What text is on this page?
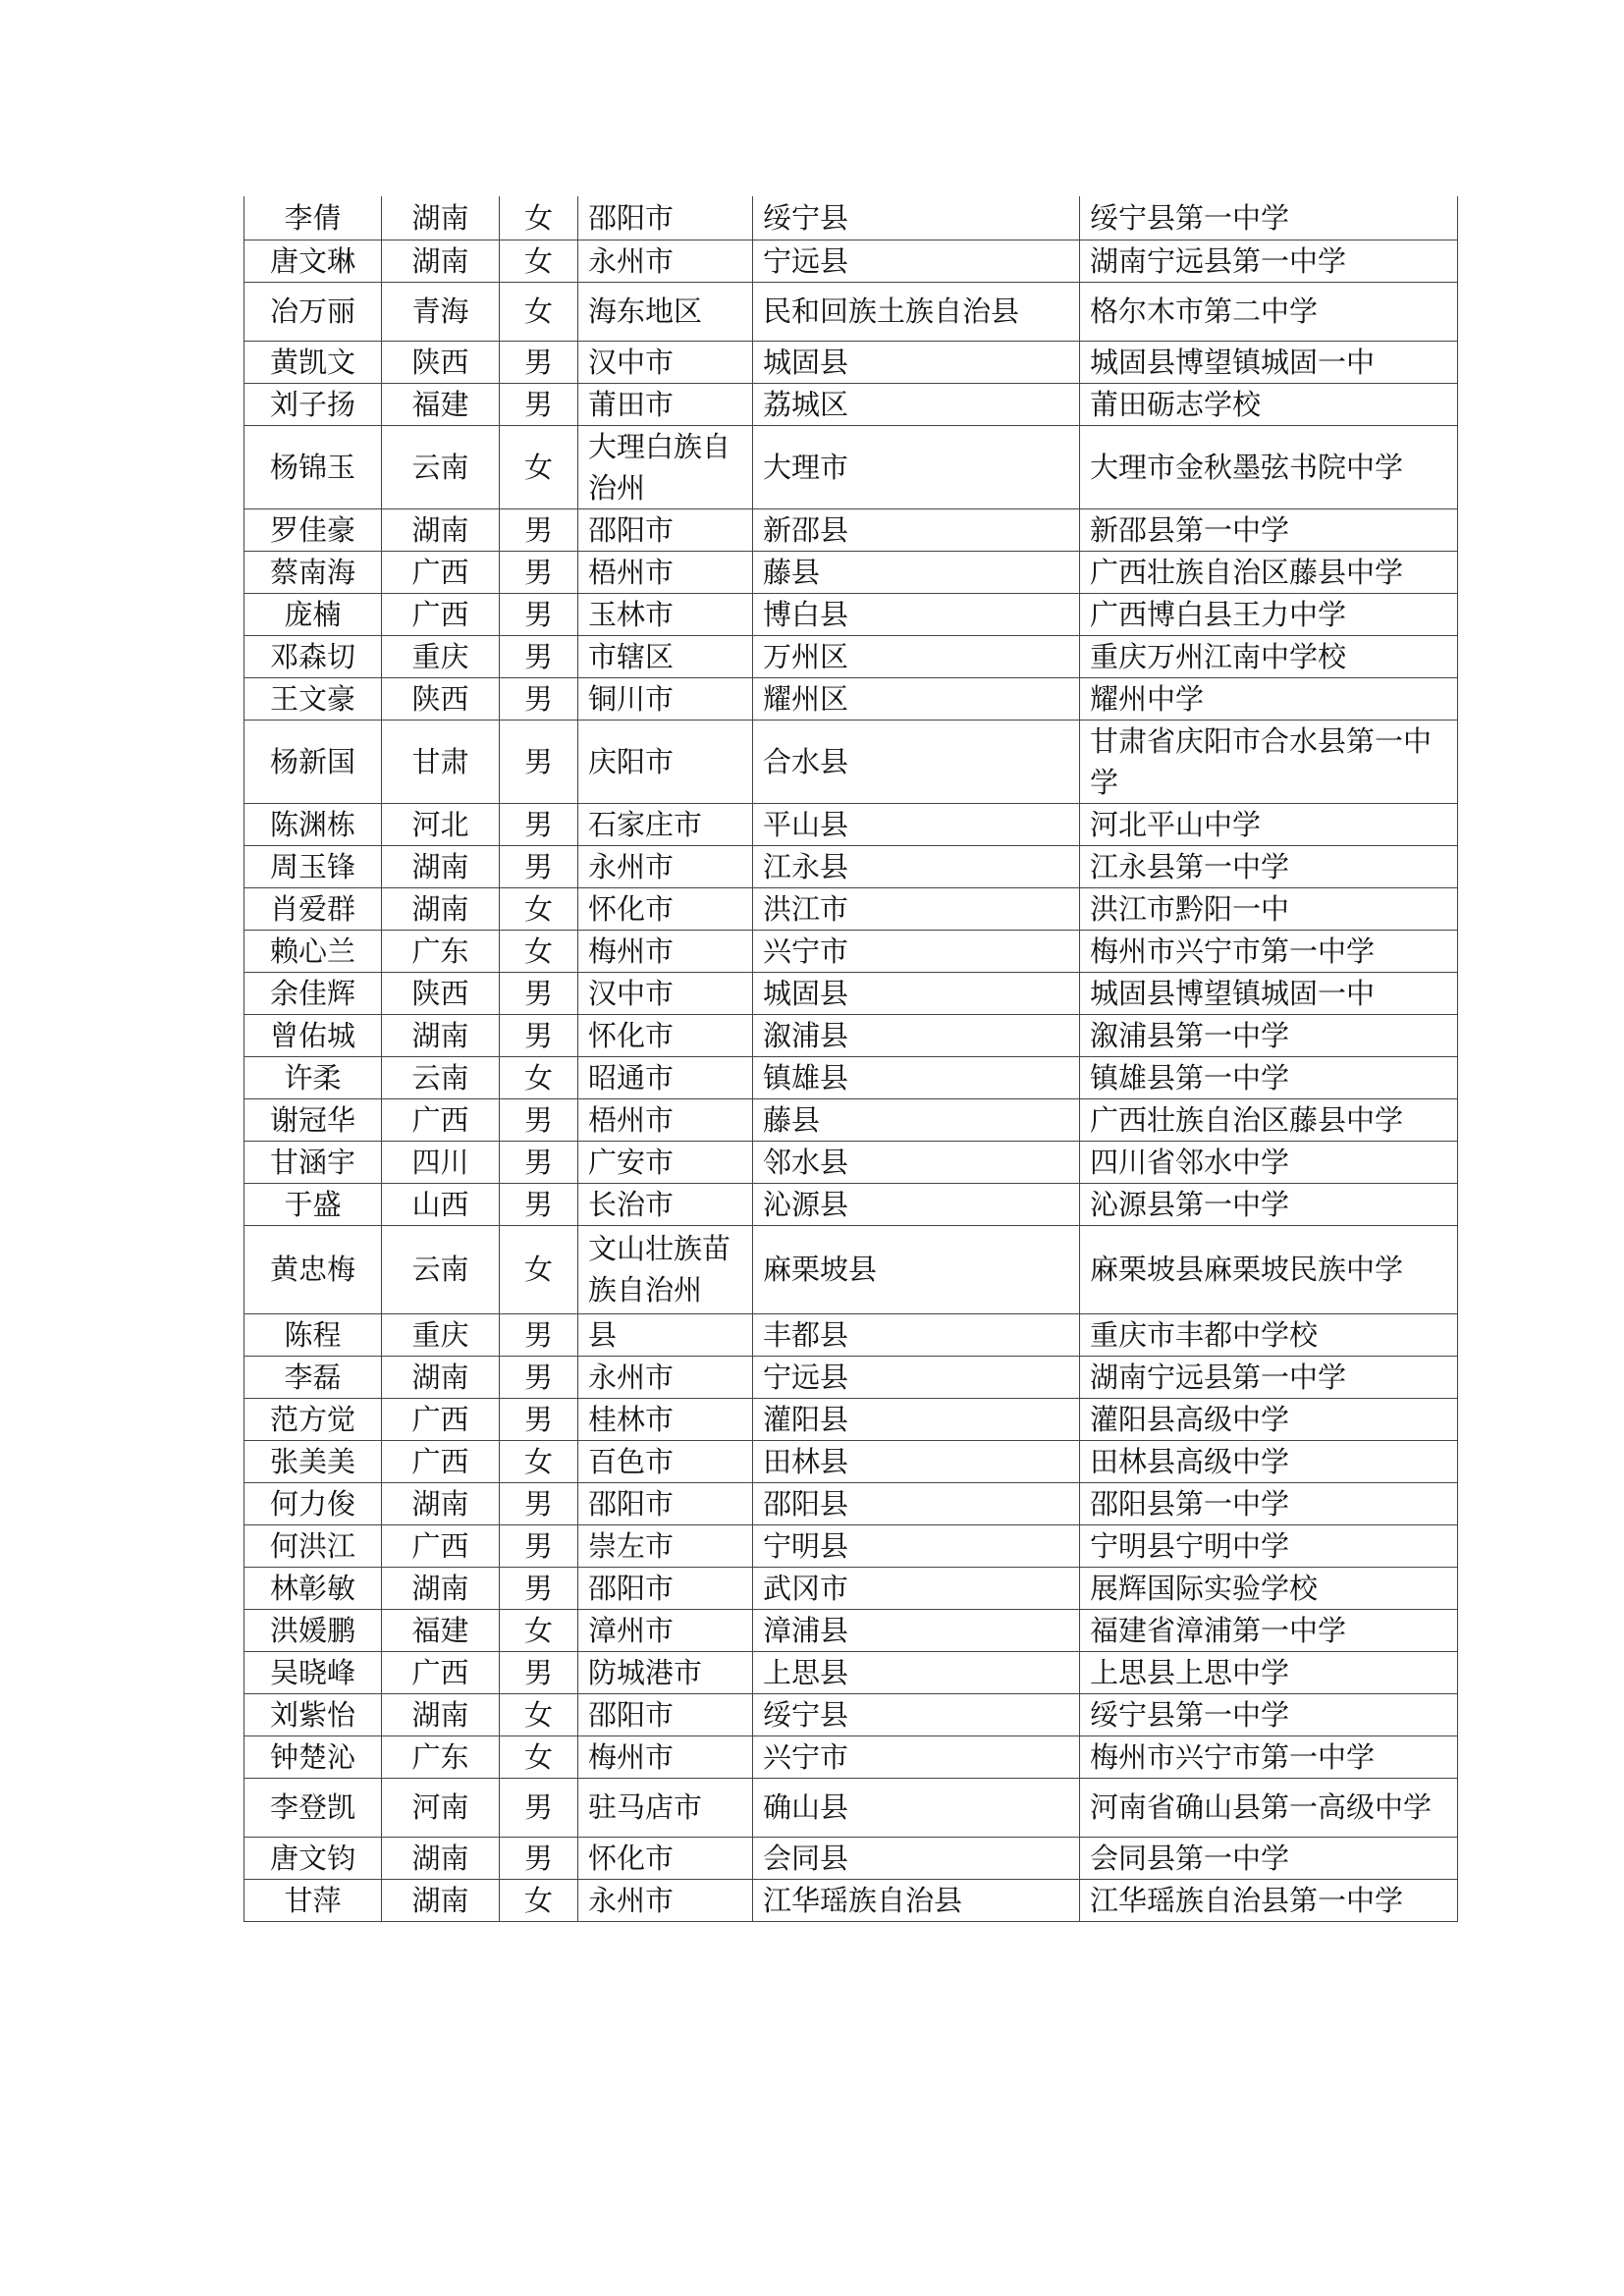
李倩	湖南	女	邵阳市	绥宁县	绥宁县第一中学
唐文琳	湖南	女	永州市	宁远县	湖南宁远县第一中学
冶万丽	青海	女	海东地区	民和回族土族自治县	格尔木市第二中学
黄凯文	陕西	男	汉中市	城固县	城固县博望镇城固一中
刘子扬	福建	男	莆田市	荔城区	莆田砺志学校
杨锦玉	云南	女	大理白族自治州	大理市	大理市金秋墨弦书院中学
罗佳豪	湖南	男	邵阳市	新邵县	新邵县第一中学
蔡南海	广西	男	梧州市	藤县	广西壮族自治区藤县中学
庞楠	广西	男	玉林市	博白县	广西博白县王力中学
邓森切	重庆	男	市辖区	万州区	重庆万州江南中学校
王文豪	陕西	男	铜川市	耀州区	耀州中学
杨新国	甘肃	男	庆阳市	合水县	甘肃省庆阳市合水县第一中学
陈渊栋	河北	男	石家庄市	平山县	河北平山中学
周玉锋	湖南	男	永州市	江永县	江永县第一中学
肖爱群	湖南	女	怀化市	洪江市	洪江市黔阳一中
赖心兰	广东	女	梅州市	兴宁市	梅州市兴宁市第一中学
余佳辉	陕西	男	汉中市	城固县	城固县博望镇城固一中
曾佑城	湖南	男	怀化市	溆浦县	溆浦县第一中学
许柔	云南	女	昭通市	镇雄县	镇雄县第一中学
谢冠华	广西	男	梧州市	藤县	广西壮族自治区藤县中学
甘涵宇	四川	男	广安市	邻水县	四川省邻水中学
于盛	山西	男	长治市	沁源县	沁源县第一中学
黄忠梅	云南	女	文山壮族苗族自治州	麻栗坡县	麻栗坡县麻栗坡民族中学
陈程	重庆	男	县	丰都县	重庆市丰都中学校
李磊	湖南	男	永州市	宁远县	湖南宁远县第一中学
范方觉	广西	男	桂林市	灌阳县	灌阳县高级中学
张美美	广西	女	百色市	田林县	田林县高级中学
何力俊	湖南	男	邵阳市	邵阳县	邵阳县第一中学
何洪江	广西	男	崇左市	宁明县	宁明县宁明中学
林彰敏	湖南	男	邵阳市	武冈市	展辉国际实验学校
洪媛鹏	福建	女	漳州市	漳浦县	福建省漳浦第一中学
吴晓峰	广西	男	防城港市	上思县	上思县上思中学
刘紫怡	湖南	女	邵阳市	绥宁县	绥宁县第一中学
钟楚沁	广东	女	梅州市	兴宁市	梅州市兴宁市第一中学
李登凯	河南	男	驻马店市	确山县	河南省确山县第一高级中学
唐文钧	湖南	男	怀化市	会同县	会同县第一中学
甘萍	湖南	女	永州市	江华瑶族自治县	江华瑶族自治县第一中学
